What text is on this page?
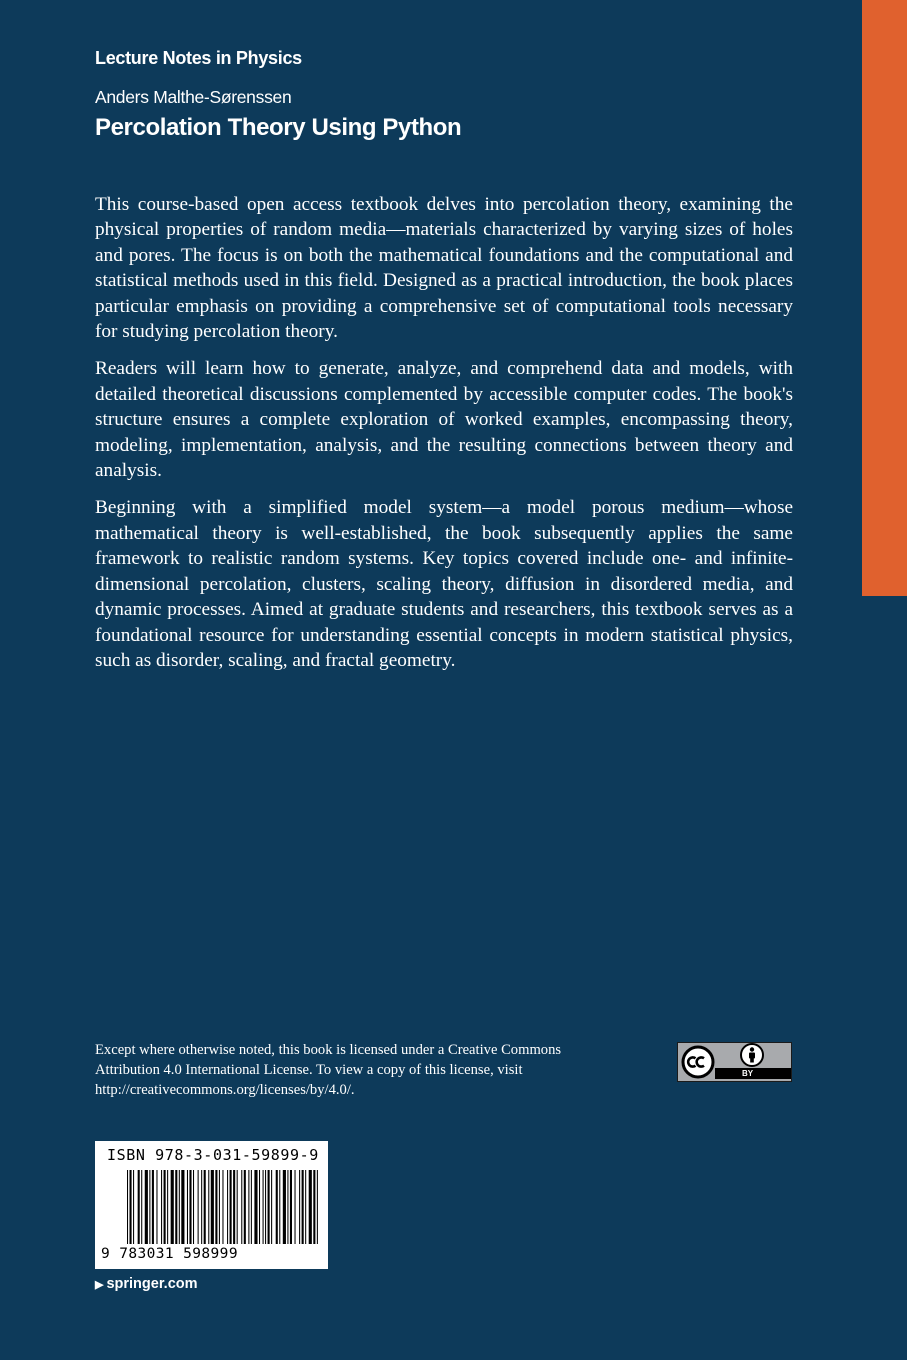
Lecture Notes in Physics
Anders Malthe-Sørenssen
Percolation Theory Using Python

This course-based open access textbook delves into percolation theory, examining the physical properties of random media—materials characterized by varying sizes of holes and pores. The focus is on both the mathematical foundations and the computational and statistical methods used in this field. Designed as a practical introduction, the book places particular emphasis on providing a comprehensive set of computational tools necessary for studying percolation theory.

Readers will learn how to generate, analyze, and comprehend data and models, with detailed theoretical discussions complemented by accessible computer codes. The book's structure ensures a complete exploration of worked examples, encompassing theory, modeling, implementation, analysis, and the resulting connections between theory and analysis.

Beginning with a simplified model system—a model porous medium—whose mathematical theory is well-established, the book subsequently applies the same framework to realistic random systems. Key topics covered include one- and infinite-dimensional percolation, clusters, scaling theory, diffusion in disordered media, and dynamic processes. Aimed at graduate students and researchers, this textbook serves as a foundational resource for understanding essential concepts in modern statistical physics, such as disorder, scaling, and fractal geometry.

Except where otherwise noted, this book is licensed under a Creative Commons Attribution 4.0 International License. To view a copy of this license, visit http://creativecommons.org/licenses/by/4.0/.
BY
ISBN 978-3-031-59899-9
9 783031 598999
▶ springer.com
